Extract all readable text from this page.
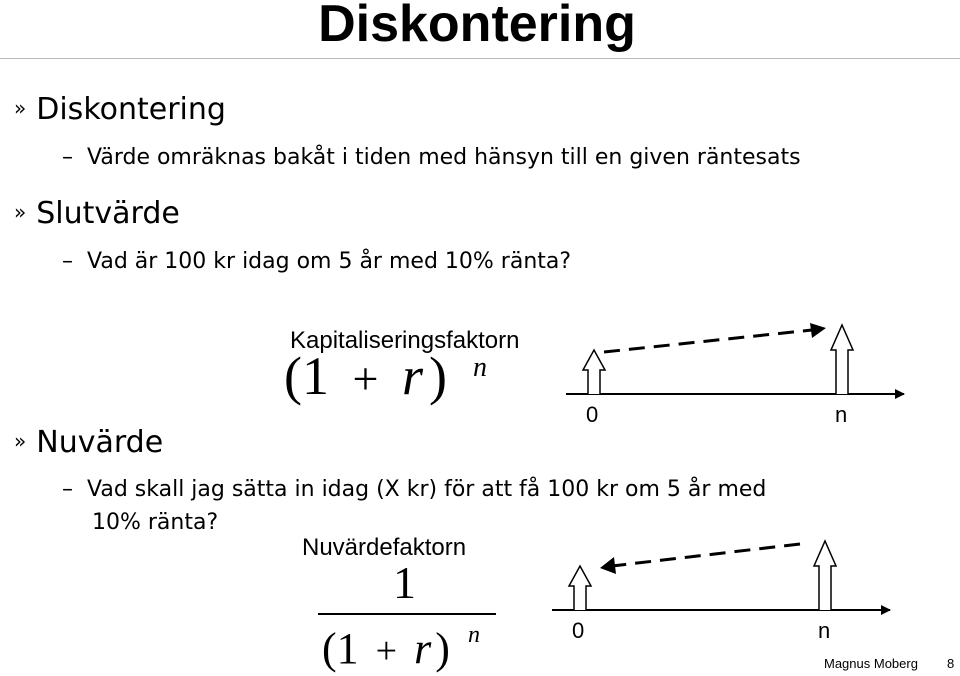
Diskontering
» Diskontering
– Värde omräknas bakåt i tiden med hänsyn till en given räntesats
» Slutvärde
– Vad är 100 kr idag om 5 år med 10% ränta?
Kapitaliseringsfaktorn
(1 + r ) n
0	n
» Nuvärde
– Vad skall jag sätta in idag (X kr) för att få 100 kr om 5 år med
10% ränta?
Nuvärdefaktorn
1
(1 + r) n	0	n
Magnus Moberg 8
